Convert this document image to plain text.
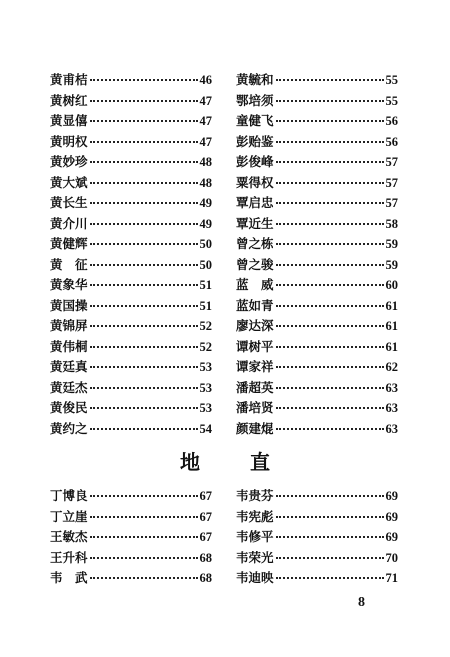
黄甫桔	46
黄树红	47
黄显僖	47
黄明权	47
黄妙珍	48
黄大斌	48
黄长生	49
黄介川	49
黄健辉	50
黄　征	50
黄象华	51
黄国操	51
黄锦屏	52
黄伟桐	52
黄廷真	53
黄廷杰	53
黄俊民	53
黄约之	54
黄毓和	55
鄂培须	55
童健飞	56
彭贻鉴	56
彭俊峰	57
粟得权	57
覃启忠	57
覃近生	58
曾之栋	59
曾之骏	59
蓝　威	60
蓝如青	61
廖达深	61
谭树平	61
谭家祥	62
潘超英	63
潘培贤	63
颜建焜	63
地	直
丁博良	67
丁立崖	67
王敏杰	67
王升科	68
韦　武	68
韦贵芬	69
韦宪彪	69
韦修平	69
韦荣光	70
韦迪映	71
8
